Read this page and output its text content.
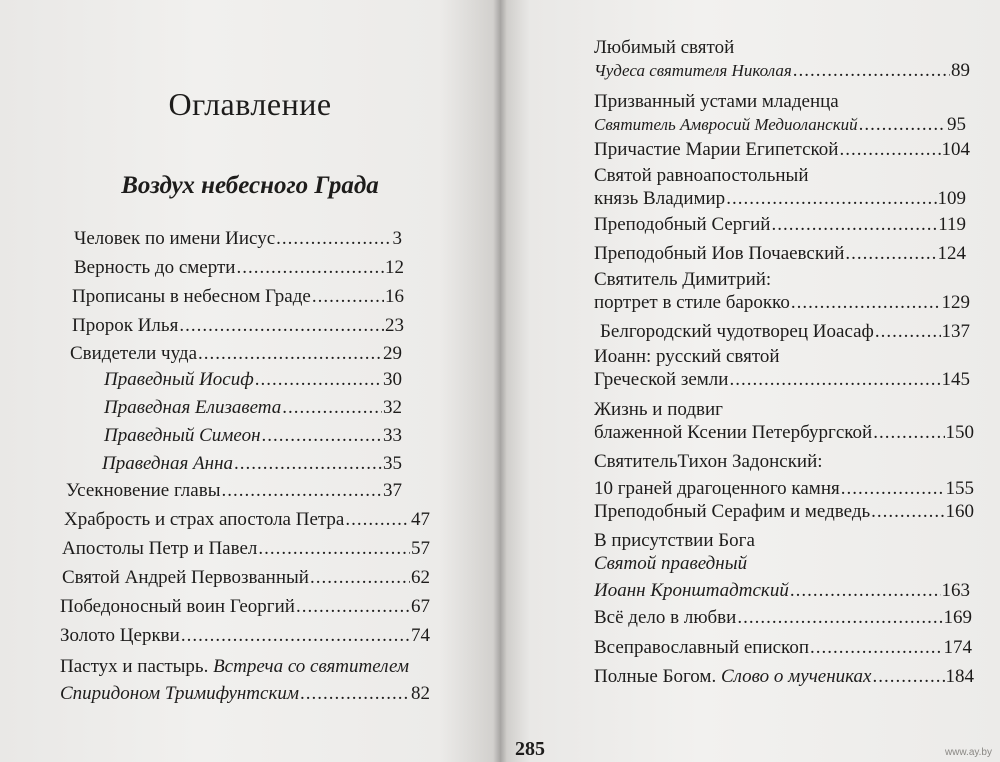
Оглавление
Воздух небесного Града
Человек по имени Иисус .....	3
Верность до смерти .....	12
Прописаны в небесном Граде .....	16
Пророк Илья .....	23
Свидетели чуда .....	29
Праведный Иосиф .....	30
Праведная Елизавета .....	32
Праведный Симеон .....	33
Праведная Анна .....	35
Усекновение главы .....	37
Храбрость и страх апостола Петра .....	47
Апостолы Петр и Павел .....	57
Святой Андрей Первозванный .....	62
Победоносный воин Георгий .....	67
Золото Церкви .....	74
Пастух и пастырь.
Встреча со святителем
Спиридоном Тримифунтским .....	82
Любимый святой
Чудеса святителя Николая .....	89
Призванный устами младенца
Святитель Амвросий Медиоланский .....	95
Причастие Марии Египетской .....	104
Святой равноапостольный
князь Владимир .....	109
Преподобный Сергий .....	119
Преподобный Иов Почаевский .....	124
Святитель Димитрий:
портрет в стиле барокко .....	129
Белгородский чудотворец Иоасаф .....	137
Иоанн: русский святой
Греческой земли .....	145
Жизнь и подвиг
блаженной Ксении Петербургской .....	150
СвятительТихон Задонский:
10 граней драгоценного камня .....	155
Преподобный Серафим и медведь .....	160
В присутствии Бога
Святой праведный
Иоанн Кронштадтский .....	163
Всё дело в любви .....	169
Всеправославный епископ .....	174
Полные Богом.
Слово о мучениках .....	184
285	www.ay.by
